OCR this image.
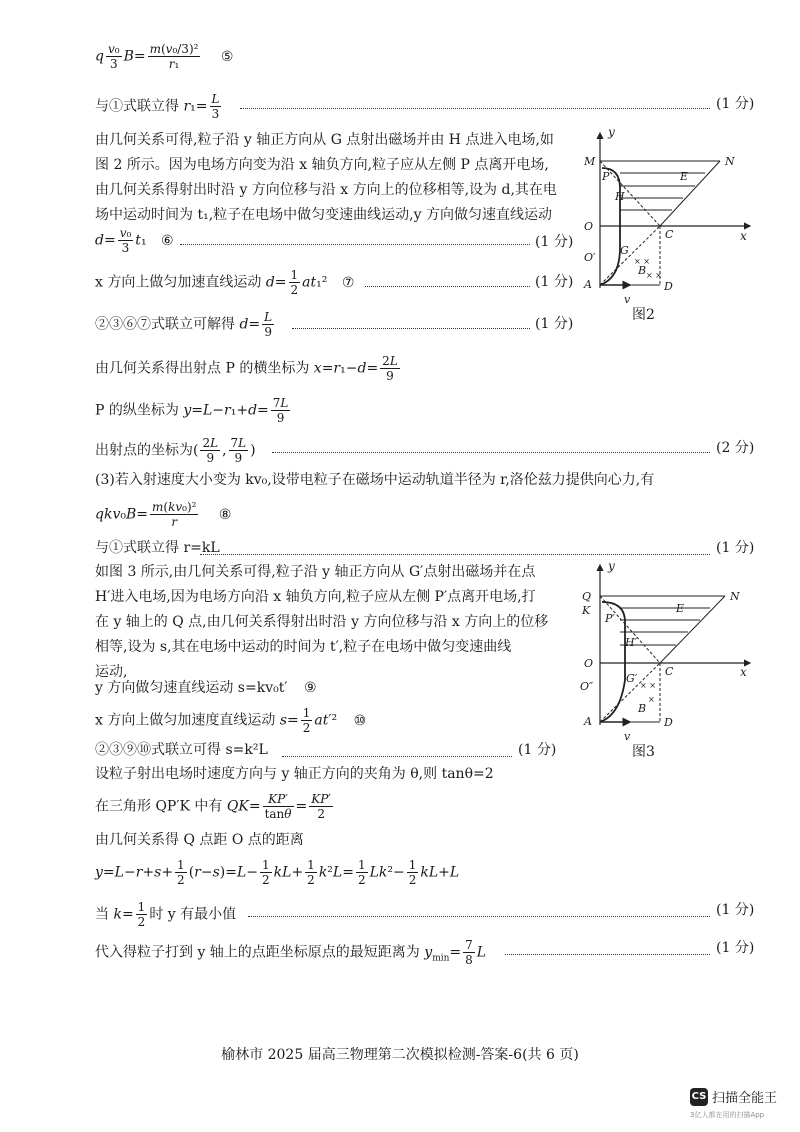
q $\frac{\text{v₀}}{3} B= \frac{\text{m(v₀/3)²}}{\text{r₁}}$ ⑤
与①式联立得 $r_1= \frac{L}{3}$	(1 分)
由几何关系可得,粒子沿 y 轴正方向从 G 点射出磁场并由 H 点进入电场,如
图 2 所示。因为电场方向变为沿 x 轴负方向,粒子应从左侧 P 点离开电场,
由几何关系得射出时沿 y 方向位移与沿 x 方向上的位移相等,设为 d,其在电
场中运动时间为 t₁,粒子在电场中做匀变速曲线运动,y 方向做匀速直线运动
$d= \frac{\text{v₀}}{3} t_1$ ⑥	(1 分)
x 方向上做匀加速直线运动 $d= \frac{1}{2} at_1^2$ ⑦	(1 分)
②③⑥⑦式联立可解得 $d= \frac{L}{9}$	(1 分)
由几何关系得出射点 P 的横坐标为 $x=r_1-d= \frac{2L}{9}$
P 的纵坐标为 $y=L-r_1+d= \frac{7L}{9}$
出射点的坐标为( $\frac{2L}{9}$ , $\frac{7L}{9}$ )	(2 分)
(3)若入射速度大小变为 kv₀,设带电粒子在磁场中运动轨道半径为 r,洛伦兹力提供向心力,有
$qkv_0B= \frac{\text{m(kv₀)²}}{r}$ ⑧
与①式联立得 r=kL	(1 分)
如图 3 所示,由几何关系可得,粒子沿 y 轴正方向从 G′点射出磁场并在点
H′进入电场,因为电场方向沿 x 轴负方向,粒子应从左侧 P′点离开电场,打
在 y 轴上的 Q 点,由几何关系得射出时沿 y 方向位移与沿 x 方向上的位移
相等,设为 s,其在电场中运动的时间为 t′,粒子在电场中做匀变速曲线
运动,
y 方向做匀速直线运动 s=kv₀t′ ⑨
x 方向上做匀加速度直线运动 $s= \frac{1}{2} at'^2$ ⑩
②③⑨⑩式联立可得 s=k²L	(1 分)
设粒子射出电场时速度方向与 y 轴正方向的夹角为 θ,则 tanθ=2
在三角形 QP′K 中有 $QK= \frac{KP'}{\tan\theta} = \frac{KP'}{2}$
由几何关系得 Q 点距 O 点的距离
$y=L-r+s+ \frac{1}{2} (r-s)=L- \frac{1}{2} kL+ \frac{1}{2} k^2L= \frac{1}{2} Lk^2- \frac{1}{2} kL+L$
当 $k= \frac{1}{2}$ 时 y 有最小值	(1 分)
代入得粒子打到 y 轴上的点距坐标原点的最短距离为 $y_{min}= \frac{7}{8}$ L	(1 分)
y
M	N
P
H
E
O
x
C
O′
G
B
A	D
v
× ×
× ×
图2
y
Q
K
N
P′
H′
E
O
x
C
O″
G′
B
A	D
v
× ×
×
图3
榆林市 2025 届高三物理第二次模拟检测-答案-6(共 6 页)
CS 扫描全能王
3亿人都在用的扫描App
